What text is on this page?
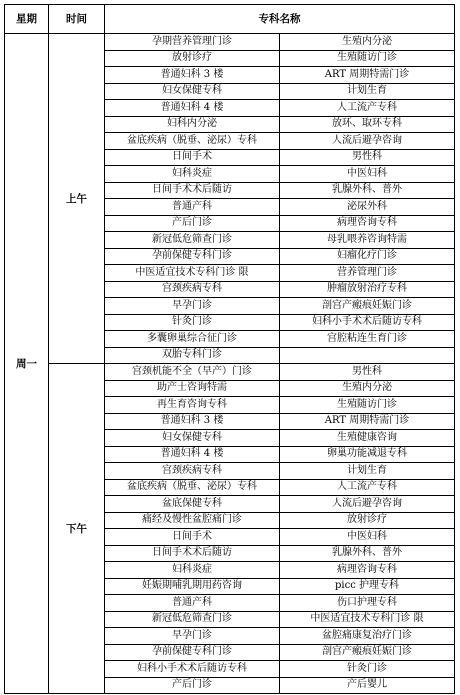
星期	时间	专科名称	
周一	上午	孕期营养管理门诊	生殖内分泌
		放射诊疗	生殖随访门诊
		普通妇科 3 楼	ART 周期特需门诊
		妇女保健专科	计划生育
		普通妇科 4 楼	人工流产专科
		妇科内分泌	放环、取环专科
		盆底疾病（脱垂、泌尿）专科	人流后避孕咨询
		日间手术	男性科
		妇科炎症	中医妇科
		日间手术术后随访	乳腺外科、普外
		普通产科	泌尿外科
		产后门诊	病理咨询专科
		新冠低危筛查门诊	母乳喂养咨询特需
		孕前保健专科门诊	妇瘤化疗门诊
		中医适宜技术专科门诊 限	营养管理门诊
		宫颈疾病专科	肿瘤放射治疗专科
		早孕门诊	剖宫产瘢痕妊娠门诊
		针灸门诊	妇科小手术术后随访专科
		多囊卵巢综合征门诊	宫腔粘连生育门诊
		双胎专科门诊	
	下午	宫颈机能不全（早产）门诊	男性科
		助产士咨询特需	生殖内分泌
		再生育咨询专科	生殖随访门诊
		普通妇科 3 楼	ART 周期特需门诊
		妇女保健专科	生殖健康咨询
		普通妇科 4 楼	卵巢功能减退专科
		宫颈疾病专科	计划生育
		盆底疾病（脱垂、泌尿）专科	人工流产专科
		盆底保健专科	人流后避孕咨询
		痛经及慢性盆腔痛门诊	放射诊疗
		日间手术	中医妇科
		日间手术术后随访	乳腺外科、普外
		妇科炎症	病理咨询专科
		妊娠期哺乳期用药咨询	picc 护理专科
		普通产科	伤口护理专科
		新冠低危筛查门诊	中医适宜技术专科门诊 限
		早孕门诊	盆腔痛康复治疗门诊
		孕前保健专科门诊	剖宫产瘢痕妊娠门诊
		妇科小手术术后随访专科	针灸门诊
		产后门诊	产后婴儿
